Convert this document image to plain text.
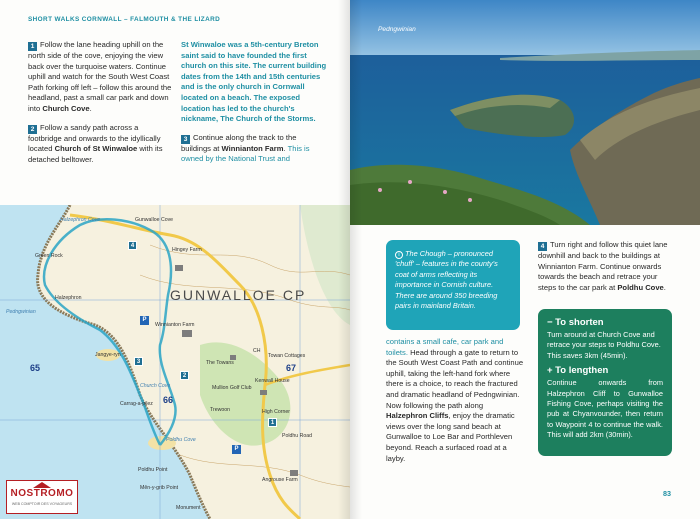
SHORT WALKS CORNWALL – FALMOUTH & THE LIZARD
1 Follow the lane heading uphill on the north side of the cove, enjoying the view back over the turquoise waters. Continue uphill and watch for the South West Coast Path forking off left – follow this around the headland, past a small car park and down into Church Cove.
2 Follow a sandy path across a footbridge and onwards to the idyllically located Church of St Winwaloe with its detached belltower.
St Winwaloe was a 5th-century Breton saint said to have founded the first church on this site. The current building dates from the 14th and 15th centuries and is the only church in Cornwall located on a beach. The exposed location has led to the church's nickname, The Church of the Storms.
3 Continue along the track to the buildings at Winnianton Farm. This is owned by the National Trust and
GUNWALLOE CP
Halzephron Cove	Gunwalloe Cove
Green Rock
Hingey Farm
Halzephron
Pedngwinian
Winnianton Farm
Jangye-ryn
CH
Towan Cottages
The Towans
Mullion Golf Club
Kenwall House
Carrag-a-pilez
Church Cove
Trewoon	High Corner
Poldhu Cove
Poldhu Road
Poldhu Point
Mên-y-grib Point
Angrouse Farm
Monument
65
66
67
4
3
2
1
P
P
NOSTROMO
WEB COMPTOIR DES VOYAGEURS
Pedngwinian
i The Chough – pronounced 'chuff' – features in the county's coat of arms reflecting its importance in Cornish culture. There are around 350 breeding pairs in mainland Britain.
contains a small cafe, car park and toilets. Head through a gate to return to the South West Coast Path and continue uphill, taking the left-hand fork where there is a choice, to reach the fractured and dramatic headland of Pedngwinian. Now following the path along Halzephron Cliffs, enjoy the dramatic views over the long sand beach at Gunwalloe to Loe Bar and Porthleven beyond. Reach a surfaced road at a layby.
4 Turn right and follow this quiet lane downhill and back to the buildings at Winnianton Farm. Continue onwards towards the beach and retrace your steps to the car park at Poldhu Cove.
− To shorten
Turn around at Church Cove and retrace your steps to Poldhu Cove. This saves 3km (45min).
+ To lengthen
Continue onwards from Halzephron Cliff to Gunwalloe Fishing Cove, perhaps visiting the pub at Chyanvounder, then return to Waypoint 4 to continue the walk. This will add 2km (30min).
83
